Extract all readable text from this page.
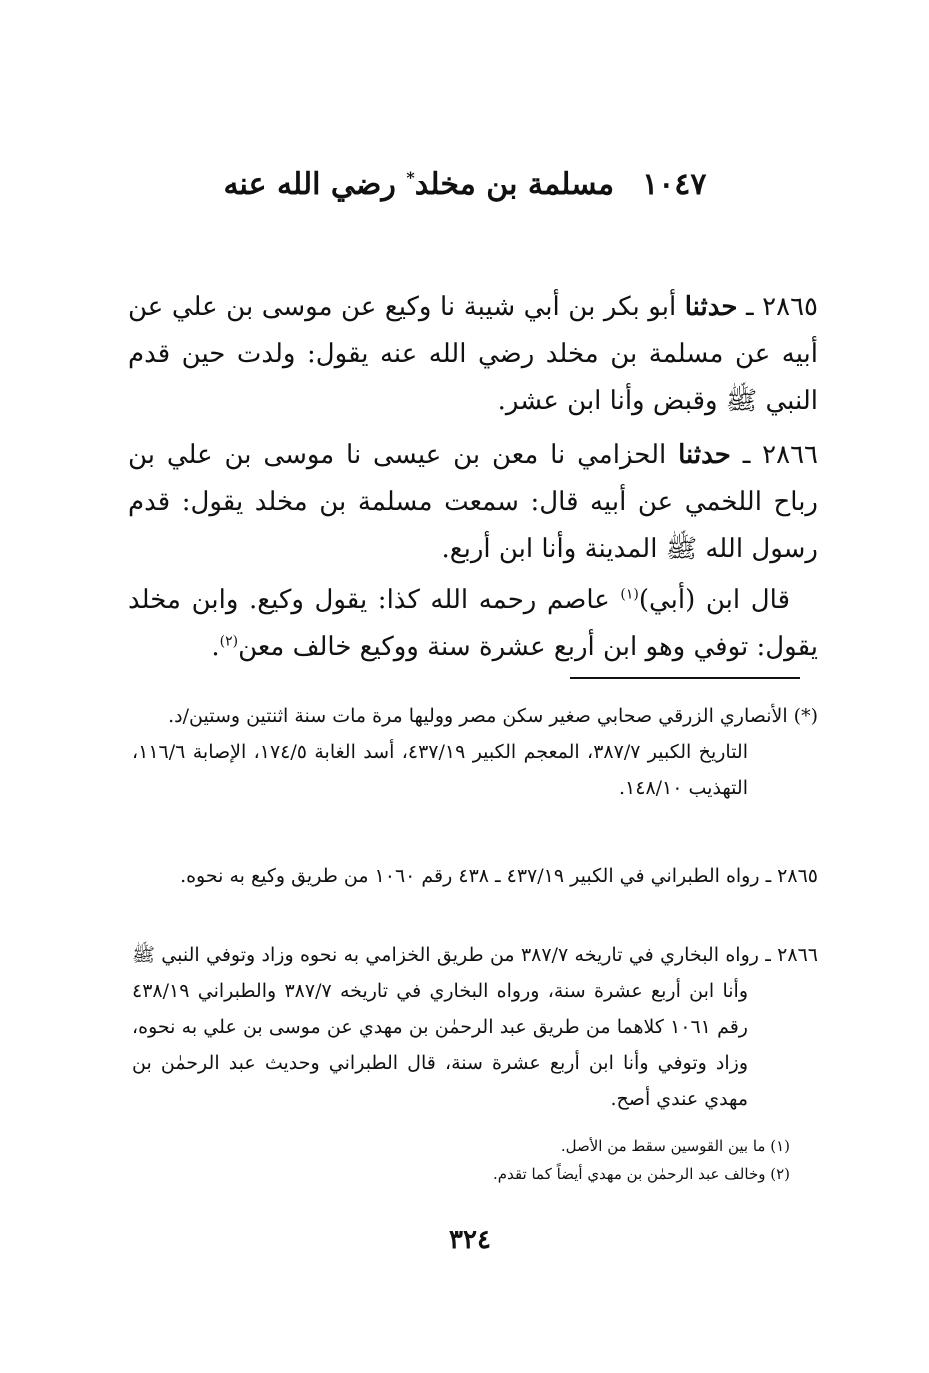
١٠٤٧مسلمة بن مخلد* رضي الله عنه
٢٨٦٥ ـ حدثنا أبو بكر بن أبي شيبة نا وكيع عن موسى بن علي عن أبيه عن مسلمة بن مخلد رضي الله عنه يقول: ولدت حين قدم النبي ﷺ وقبض وأنا ابن عشر.
٢٨٦٦ ـ حدثنا الحزامي نا معن بن عيسى نا موسى بن علي بن رباح اللخمي عن أبيه قال: سمعت مسلمة بن مخلد يقول: قدم رسول الله ﷺ المدينة وأنا ابن أربع.
قال ابن (أبي)$^{(١)}$ عاصم رحمه الله كذا: يقول وكيع. وابن مخلد يقول: توفي وهو ابن أربع عشرة سنة ووكيع خالف معن$^{(٢)}$.
(*) الأنصاري الزرقي صحابي صغير سكن مصر ووليها مرة مات سنة اثنتين وستين/د.
التاريخ الكبير ٣٨٧/٧، المعجم الكبير ٤٣٧/١٩، أسد الغابة ١٧٤/٥، الإصابة ١١٦/٦، التهذيب ١٤٨/١٠.
٢٨٦٥ ـ رواه الطبراني في الكبير ٤٣٧/١٩ ـ ٤٣٨ رقم ١٠٦٠ من طريق وكيع به نحوه.
٢٨٦٦ ـ رواه البخاري في تاريخه ٣٨٧/٧ من طريق الخزامي به نحوه وزاد وتوفي النبي ﷺ وأنا ابن أربع عشرة سنة، ورواه البخاري في تاريخه ٣٨٧/٧ والطبراني ٤٣٨/١٩ رقم ١٠٦١ كلاهما من طريق عبد الرحمٰن بن مهدي عن موسى بن علي به نحوه، وزاد وتوفي وأنا ابن أربع عشرة سنة، قال الطبراني وحديث عبد الرحمٰن بن مهدي عندي أصح.
(١) ما بين القوسين سقط من الأصل.
(٢) وخالف عبد الرحمٰن بن مهدي أيضاً كما تقدم.
٣٢٤
